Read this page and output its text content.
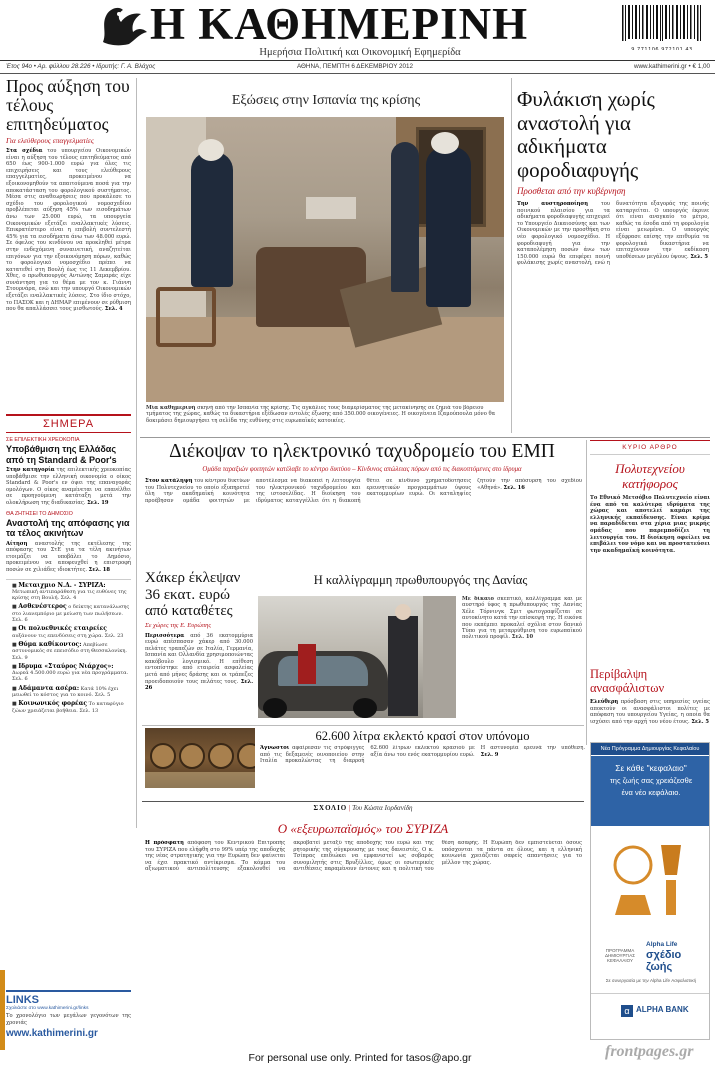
Η ΚΑΘΗΜΕΡΙΝΗ
Ημερήσια Πολιτική και Οικονομική Εφημερίδα	9 771106 972101 43
Έτος 94ο • Αρ. φύλλου 28.226 • Ιδρυτής: Γ. Α. Βλάχος	ΑΘΗΝΑ, ΠΕΜΠΤΗ 6 ΔΕΚΕΜΒΡΙΟΥ 2012	www.kathimerini.gr • € 1,00
Προς αύξηση του τέλους επιτηδεύματος
Για ελεύθερους επαγγελματίες
Στα σχέδια του υπουργείου Οικονομικών είναι η αύξηση του τέλους επιτηδεύματος από 650 έως 900-1.000 ευρώ για όλες τις επιχειρήσεις και τους ελεύθερους επαγγελματίες, προκειμένου να εξοικονομηθούν τα απαιτούμενα ποσά για την αποκατάσταση του φορολογικού συστήματος. Μέσα στις αναθεωρήσεις που προκάλεσε το σχέδιο του φορολογικού νομοσχεδίου προβλέπεται αύξηση 45% των εισοδημάτων άνω των 25.000 ευρώ, τα υπουργεία Οικονομικών εξετάζει εναλλακτικές λύσεις. Επικρατέστερο είναι η επιβολή συντελεστή 45% για τα εισοδήματα άνω των 48.000 ευρώ. Σε όφελος του κινδύνου να προκληθεί μέτρα στην ενδεχόμενη συναινετική, αναζητείται επιγόνων για την εξοικονόμηση πόρων, καθώς το φορολογικό νομοσχέδιο πρέπει να κατατεθεί στη Βουλή έως τις 11 Δεκεμβρίου. Χθες, ο πρωθυπουργός Αντώνης Σαμαράς είχε συνάντηση για το θέμα με τον κ. Γιάννη Στουρνάρα, ενώ και την υπουργό Οικονομικών εξετάζει εναλλακτικές λύσεις. Στο ίδιο στόχο, το ΠΑΣΟΚ και η ΔΗΜΑΡ επιμένουν σε ρύθμιση που θα απαλλάσσει τους μισθωτούς. Σελ. 4
Εξώσεις στην Ισπανία της κρίσης
Μία καθημερινή σκηνή από την Ισπανία της κρίσης. Τις αγκάλιες τους διαμερίσματος της μετακίνησης σε ζημιά του βόρειου τμήματος της χώρας, καθώς τα δικαστήρια εξέδωσαν εντολές έξωσης από 350.000 οικογένειες. Η οικογένεια Ιζαμούπουλα μόνο θα δοκιμάσει δημιουργήσει τη σελίδα της ευθύνης στις ευρωπαϊκές κατοικίες.
Φυλάκιση χωρίς αναστολή για αδικήματα φοροδιαφυγής
Προσθεται από την κυβέρνηση
Την αυστηροποίηση του ποινικού πλαισίου για τα αδικήματα φοροδιαφυγής επιχειρεί το Υπουργείο Δικαιοσύνης και των Οικονομικών με την προσθήκη στο νέο φορολογικό νομοσχέδιο. Η φοροδιαφυγή για την καταπολέμηση ποσών άνω των 150.000 ευρώ θα επιφέρει ποινή φυλάκισης χωρίς αναστολή, ενώ η δυνατότητα εξαγοράς της ποινής καταργείται. Ο υπουργός έκρινε ότι είναι αναγκαίο το μέτρο, καθώς τα έσοδα από τη φορολογία είναι μειωμένα. Ο υπουργός εξέφρασε επίσης την επιθυμία τα φορολογικά δικαστήρια να επιταχύνουν την εκδίκαση υποθέσεων μεγάλου ύψους. Σελ. 5
Διέκοψαν το ηλεκτρονικό ταχυδρομείο του ΕΜΠ
Ομάδα ταραξιών φοιτητών κατέλαβε το κέντρο δικτύου – Κίνδυνος απώλειας πόρων από τις διακοπτόμενες στο ίδρυμα
Στον κατάληψη του κέντρου δικτύων του Πολυτεχνείου το οποίο εξυπηρετεί όλη την ακαδημαϊκή κοινότητα προέβησαν ομάδα φοιτητών με αποτέλεσμα να διακοπεί η λειτουργία του ηλεκτρονικού ταχυδρομείου και της ιστοσελίδας. Η διοίκηση του ιδρύματος καταγγέλλει ότι η διακοπή θέτει σε κίνδυνο χρηματοδοτήσεις ερευνητικών προγραμμάτων ύψους εκατομμυρίων ευρώ. Οι καταληψίες ζητούν την απόσυρση του σχεδίου «Αθηνά». Σελ. 16
ΚΥΡΙΟ ΑΡΘΡΟ
Πολυτεχνείου κατήφορος
Το Εθνικό Μετσόβιο Πολυτεχνείο είναι ένα από τα καλύτερα ιδρύματα της χώρας και αποτελεί καμάρι της ελληνικής εκπαίδευσης. Είναι κρίμα να παραδίδεται στα χέρια μιας μικρής ομάδας που παρεμποδίζει τη λειτουργία του. Η διοίκηση οφείλει να επιβάλει τον νόμο και να προστατεύσει την ακαδημαϊκή κοινότητα.
Περίβαλψη ανασφάλιστων
Ελεύθερη πρόσβαση στις υπηρεσίες υγείας αποκτούν οι ανασφάλιστοι πολίτες με απόφαση του υπουργείου Υγείας, η οποία θα ισχύσει από την αρχή του νέου έτους. Σελ. 5
ΣΗΜΕΡΑ
ΣΕ ΕΠΙΛΕΚΤΙΚΗ ΧΡΕΟΚΟΠΙΑ
Υποβάθμιση της Ελλάδας από τη Standard & Poor's
Στην κατηγορία της επιλεκτικής χρεοκοπίας υποβάθμισε την ελληνική οικονομία ο οίκος Standard & Poor's εν όψει της επαναγοράς ομολόγων. Ο οίκος αναμένεται να επανέλθει σε προηγούμενη κατάταξη μετά την ολοκλήρωση της διαδικασίας. Σελ. 19
ΘΑ ΖΗΤΗΣΕΙ ΤΟ ΔΗΜΟΣΙΟ
Αναστολή της απόφασης για τα τέλος ακινήτων
Αίτηση αναστολής της εκτέλεσης της απόφασης του ΣτΕ για τα τέλη ακινήτων ετοιμάζει να υποβάλει το Δημόσιο, προκειμένου να αποφευχθεί η επιστροφή ποσών σε χιλιάδες ιδιοκτήτες. Σελ. 18
■ Μεταιχμιο Ν.Δ. - ΣΥΡΙΖΑ: Μετωπική αντιπαράθεση για τις ευθύνες της κρίσης στη Βουλή. Σελ. 4
■ Ασθενέστερος ο δείκτης κατανάλωσης στο λιανεμπόριο με μείωση των πωλήσεων. Σελ. 6
■ Οι πολυεθνικές εταιρείες αυξάνουν τις επενδύσεις στη χώρα. Σελ. 23
■ Θύμα καθίκοντος: Απεβίωσε αστυνομικός σε επεισόδιο στη Θεσσαλονίκη. Σελ. 9
■ Ιδρυμα «Σταύρος Νιάρχος»: Δωρεά 4.500.000 ευρώ για νέα προγράμματα. Σελ. 6
■ Αδάμαντα ασέρα: Κατά 10% έχει μειωθεί το κόστος για το κοινό. Σελ. 5
■ Κοινωνικός φορέας Το καταφύγιο ζώων χρειάζεται βοήθεια. Σελ. 13
LINKS
Σχολιάστε στο www.kathimerini.gr/links
Το χρονολόγιο των μεγάλων γεγονότων της χρονιάς
www.kathimerini.gr
Χάκερ έκλεψαν 36 εκατ. ευρώ από καταθέτες
Σε χώρες της Ε. Ευρώπης
Περισσότερα από 36 εκατομμύρια ευρώ απέσπασαν χάκερ από 30.000 πελάτες τραπεζών σε Ιταλία, Γερμανία, Ισπανία και Ολλανδία χρησιμοποιώντας κακόβουλο λογισμικό. Η επίθεση εντοπίστηκε από εταιρεία ασφαλείας μετά από μήνες δράσης και οι τράπεζες προειδοποιούν τους πελάτες τους. Σελ. 26
Η καλλίγραμμη πρωθυπουργός της Δανίας
Με δίκαιο σκεπτικό, καλλίγραμμα και με αυστηρό ύφος η πρωθυπουργός της Δανίας Χέλε Τόρνινγκ Σμιτ φωτογραφίζεται σε αυτοκίνητο κατά την επίσκεψή της. Η εικόνα που εκπέμπει προκαλεί σχόλια στον δανικό Τύπο για τη μεταρρύθμιση του ευρωπαϊκού πολιτικού προφίλ. Σελ. 10
62.600 λίτρα εκλεκτό κρασί στον υπόνομο
Άγνωστοι αφαίρεσαν τις στρόφιγγες από τις δεξαμενές οινοποιείου στην Ιταλία προκαλώντας τη διαρροή 62.600 λίτρων εκλεκτού κρασιού με αξία άνω του ενός εκατομμυρίου ευρώ. Η αστυνομία ερευνά την υπόθεση. Σελ. 9
ΣΧΟΛΙΟ | Του Κώστα Ιορδανίδη
Ο «εξευρωπαϊσμός» του ΣΥΡΙΖΑ
Η πρόσφατη απόφαση του Κεντρικού Επιτροπής του ΣΥΡΙΖΑ που ελήφθη στο 99% υπέρ της αποδοχής της νέας στρατηγικής για την Ευρώπη δεν φαίνεται να έχει πρακτικό αντίκρισμα. Το κόμμα του αξιωματικού αντιπολίτευσης εξακολουθεί να ακροβατεί μεταξύ της αποδοχής του ευρώ και της ρητορικής της σύγκρουσης με τους δανειστές. Ο κ. Τσίπρας επιδιώκει να εμφανιστεί ως σοβαρός συνομιλητής στις Βρυξέλλες, όμως οι εσωτερικές αντιθέσεις παραμένουν έντονες και η πολιτική του θέση ασαφής. Η Ευρώπη δεν εμπιστεύεται όσους υπόσχονται τα πάντα σε όλους, και η ελληνική κοινωνία χρειάζεται σαφείς απαντήσεις για το μέλλον της χώρας.
Νέα Πρόγραμμα Δημιουργίας Κεφαλαίου
Σε κάθε "κεφαλαιο"
της ζωής σας χρειάζεσθε
ένα νέο κεφάλαιο.
ΠΡΟΓΡΑΜΜΑ ΔΗΜΙΟΥΡΓΙΑΣ ΚΕΦΑΛΑΙΟΥ
Alpha Life
σχέδιο ζωής
Σε συνεργασία με την Alpha Life Ασφαλιστική
α ALPHA BANK
For personal use only. Printed for tasos@apo.gr	frontpages.gr
